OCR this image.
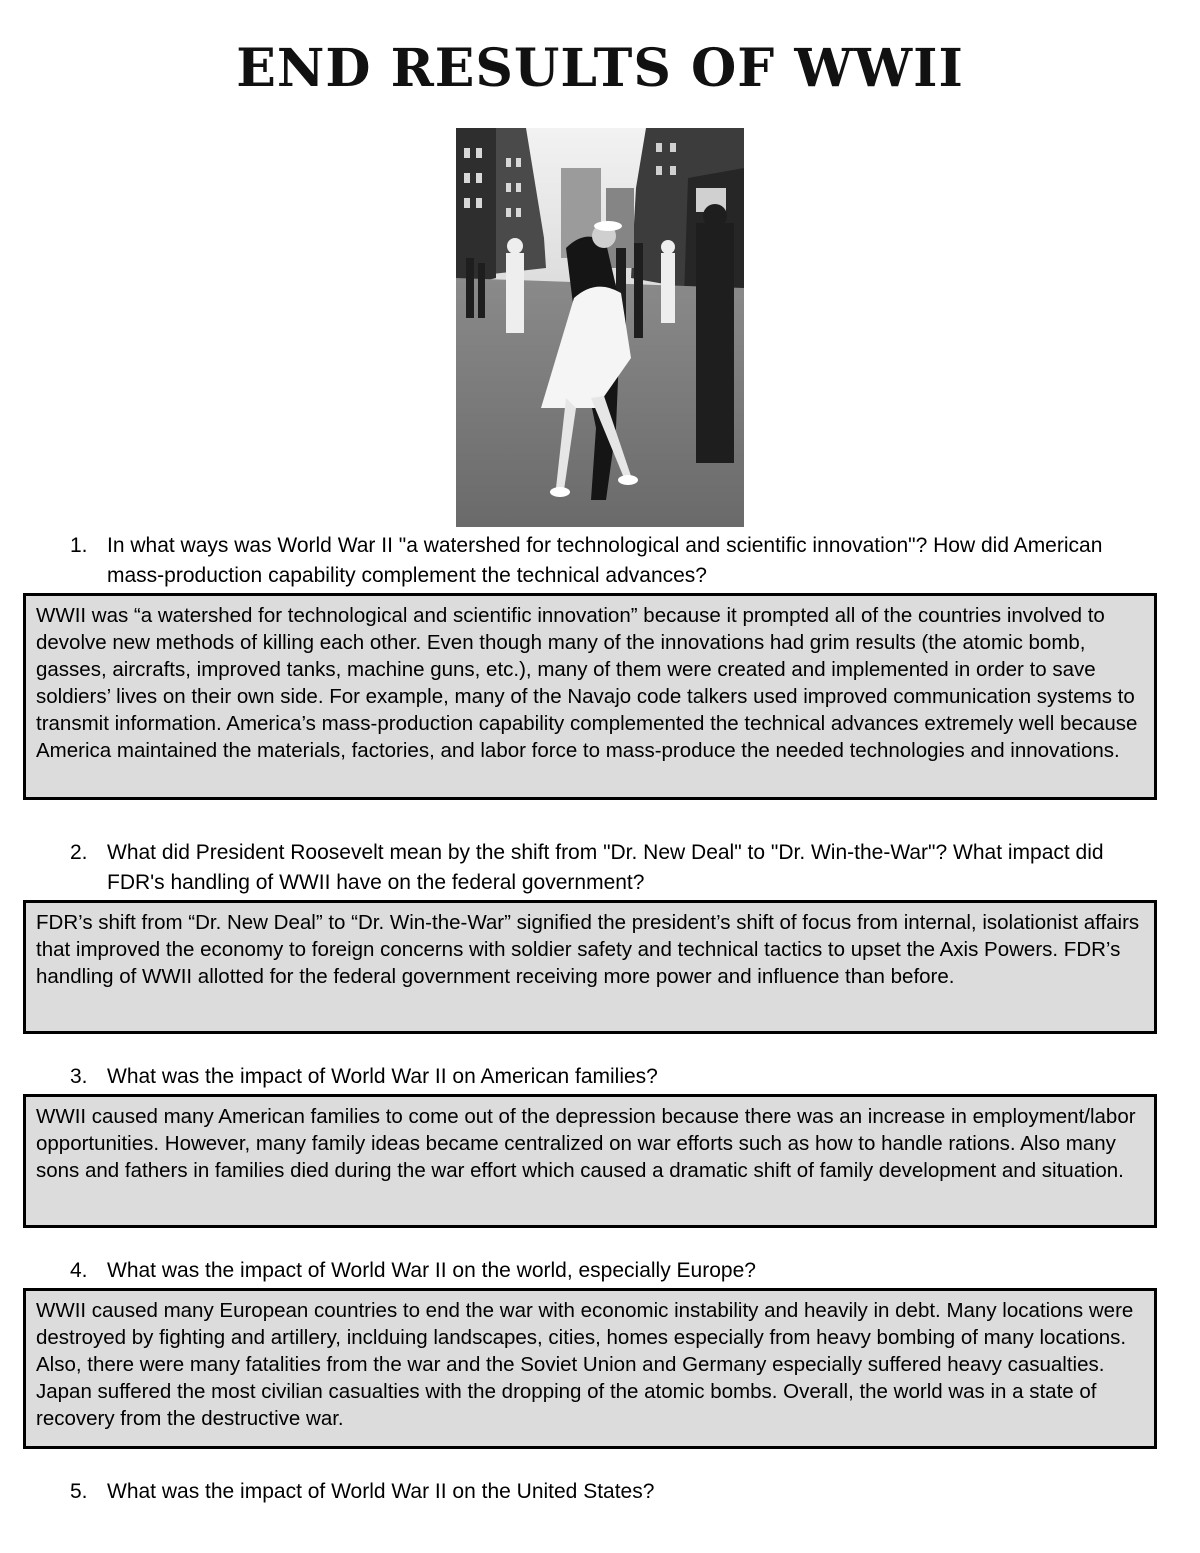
END RESULTS OF WWII
1. In what ways was World War II "a watershed for technological and scientific innovation"? How did American mass-production capability complement the technical advances?
WWII was “a watershed for technological and scientific innovation” because it prompted all of the countries involved to devolve new methods of killing each other. Even though many of the innovations had grim results (the atomic bomb, gasses, aircrafts, improved tanks, machine guns, etc.), many of them were created and implemented in order to save soldiers’ lives on their own side. For example, many of the Navajo code talkers used improved communication systems to transmit information. America’s mass-production capability complemented the technical advances extremely well because America maintained the materials, factories, and labor force to mass-produce the needed technologies and innovations.
2. What did President Roosevelt mean by the shift from "Dr. New Deal" to "Dr. Win-the-War"? What impact did FDR's handling of WWII have on the federal government?
FDR’s shift from “Dr. New Deal” to “Dr. Win-the-War” signified the president’s shift of focus from internal, isolationist affairs that improved the economy to foreign concerns with soldier safety and technical tactics to upset the Axis Powers. FDR’s handling of WWII allotted for the federal government receiving more power and influence than before.
3. What was the impact of World War II on American families?
WWII caused many American families to come out of the depression because there was an increase in employment/labor opportunities. However, many family ideas became centralized on war efforts such as how to handle rations. Also many sons and fathers in families died during the war effort which caused a dramatic shift of family development and situation.
4. What was the impact of World War II on the world, especially Europe?
WWII caused many European countries to end the war with economic instability and heavily in debt. Many locations were destroyed by fighting and artillery, inclduing landscapes, cities, homes especially from heavy bombing of many locations. Also, there were many fatalities from the war and the Soviet Union and Germany especially suffered heavy casualties. Japan suffered the most civilian casualties with the dropping of the atomic bombs. Overall, the world was in a state of recovery from the destructive war.
5. What was the impact of World War II on the United States?
